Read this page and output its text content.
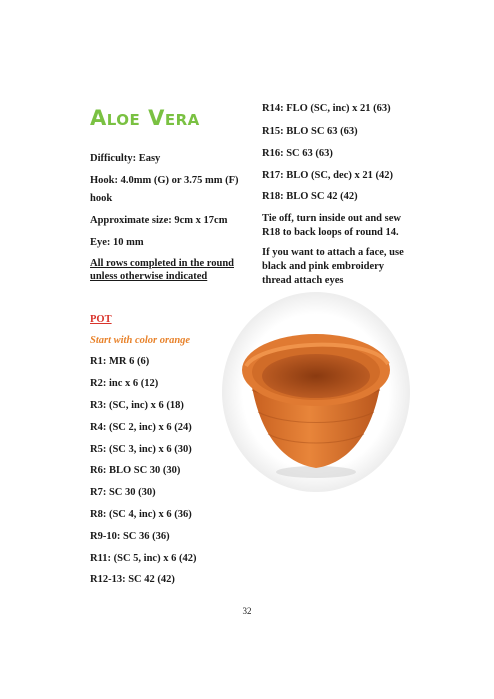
Aloe Vera

Difficulty: Easy

Hook: 4.0mm (G) or 3.75 mm (F)

hook

Approximate size: 9cm x 17cm

Eye: 10 mm

All rows completed in the round

unless otherwise indicated

POT

Start with color orange

R1: MR 6 (6)

R2: inc x 6 (12)

R3: (SC, inc) x 6 (18)

R4: (SC 2, inc) x 6 (24)

R5: (SC 3, inc) x 6 (30)

R6: BLO SC 30 (30)

R7: SC 30 (30)

R8: (SC 4, inc) x 6 (36)

R9-10: SC 36 (36)

R11: (SC 5, inc) x 6 (42)

R12-13: SC 42 (42)

R14: FLO (SC, inc) x 21 (63)

R15: BLO SC 63 (63)

R16: SC 63 (63)

R17: BLO (SC, dec) x 21 (42)

R18: BLO SC 42 (42)

Tie off, turn inside out and sew

R18 to back loops of round 14.

If you want to attach a face, use

black and pink embroidery

thread attach eyes

32
